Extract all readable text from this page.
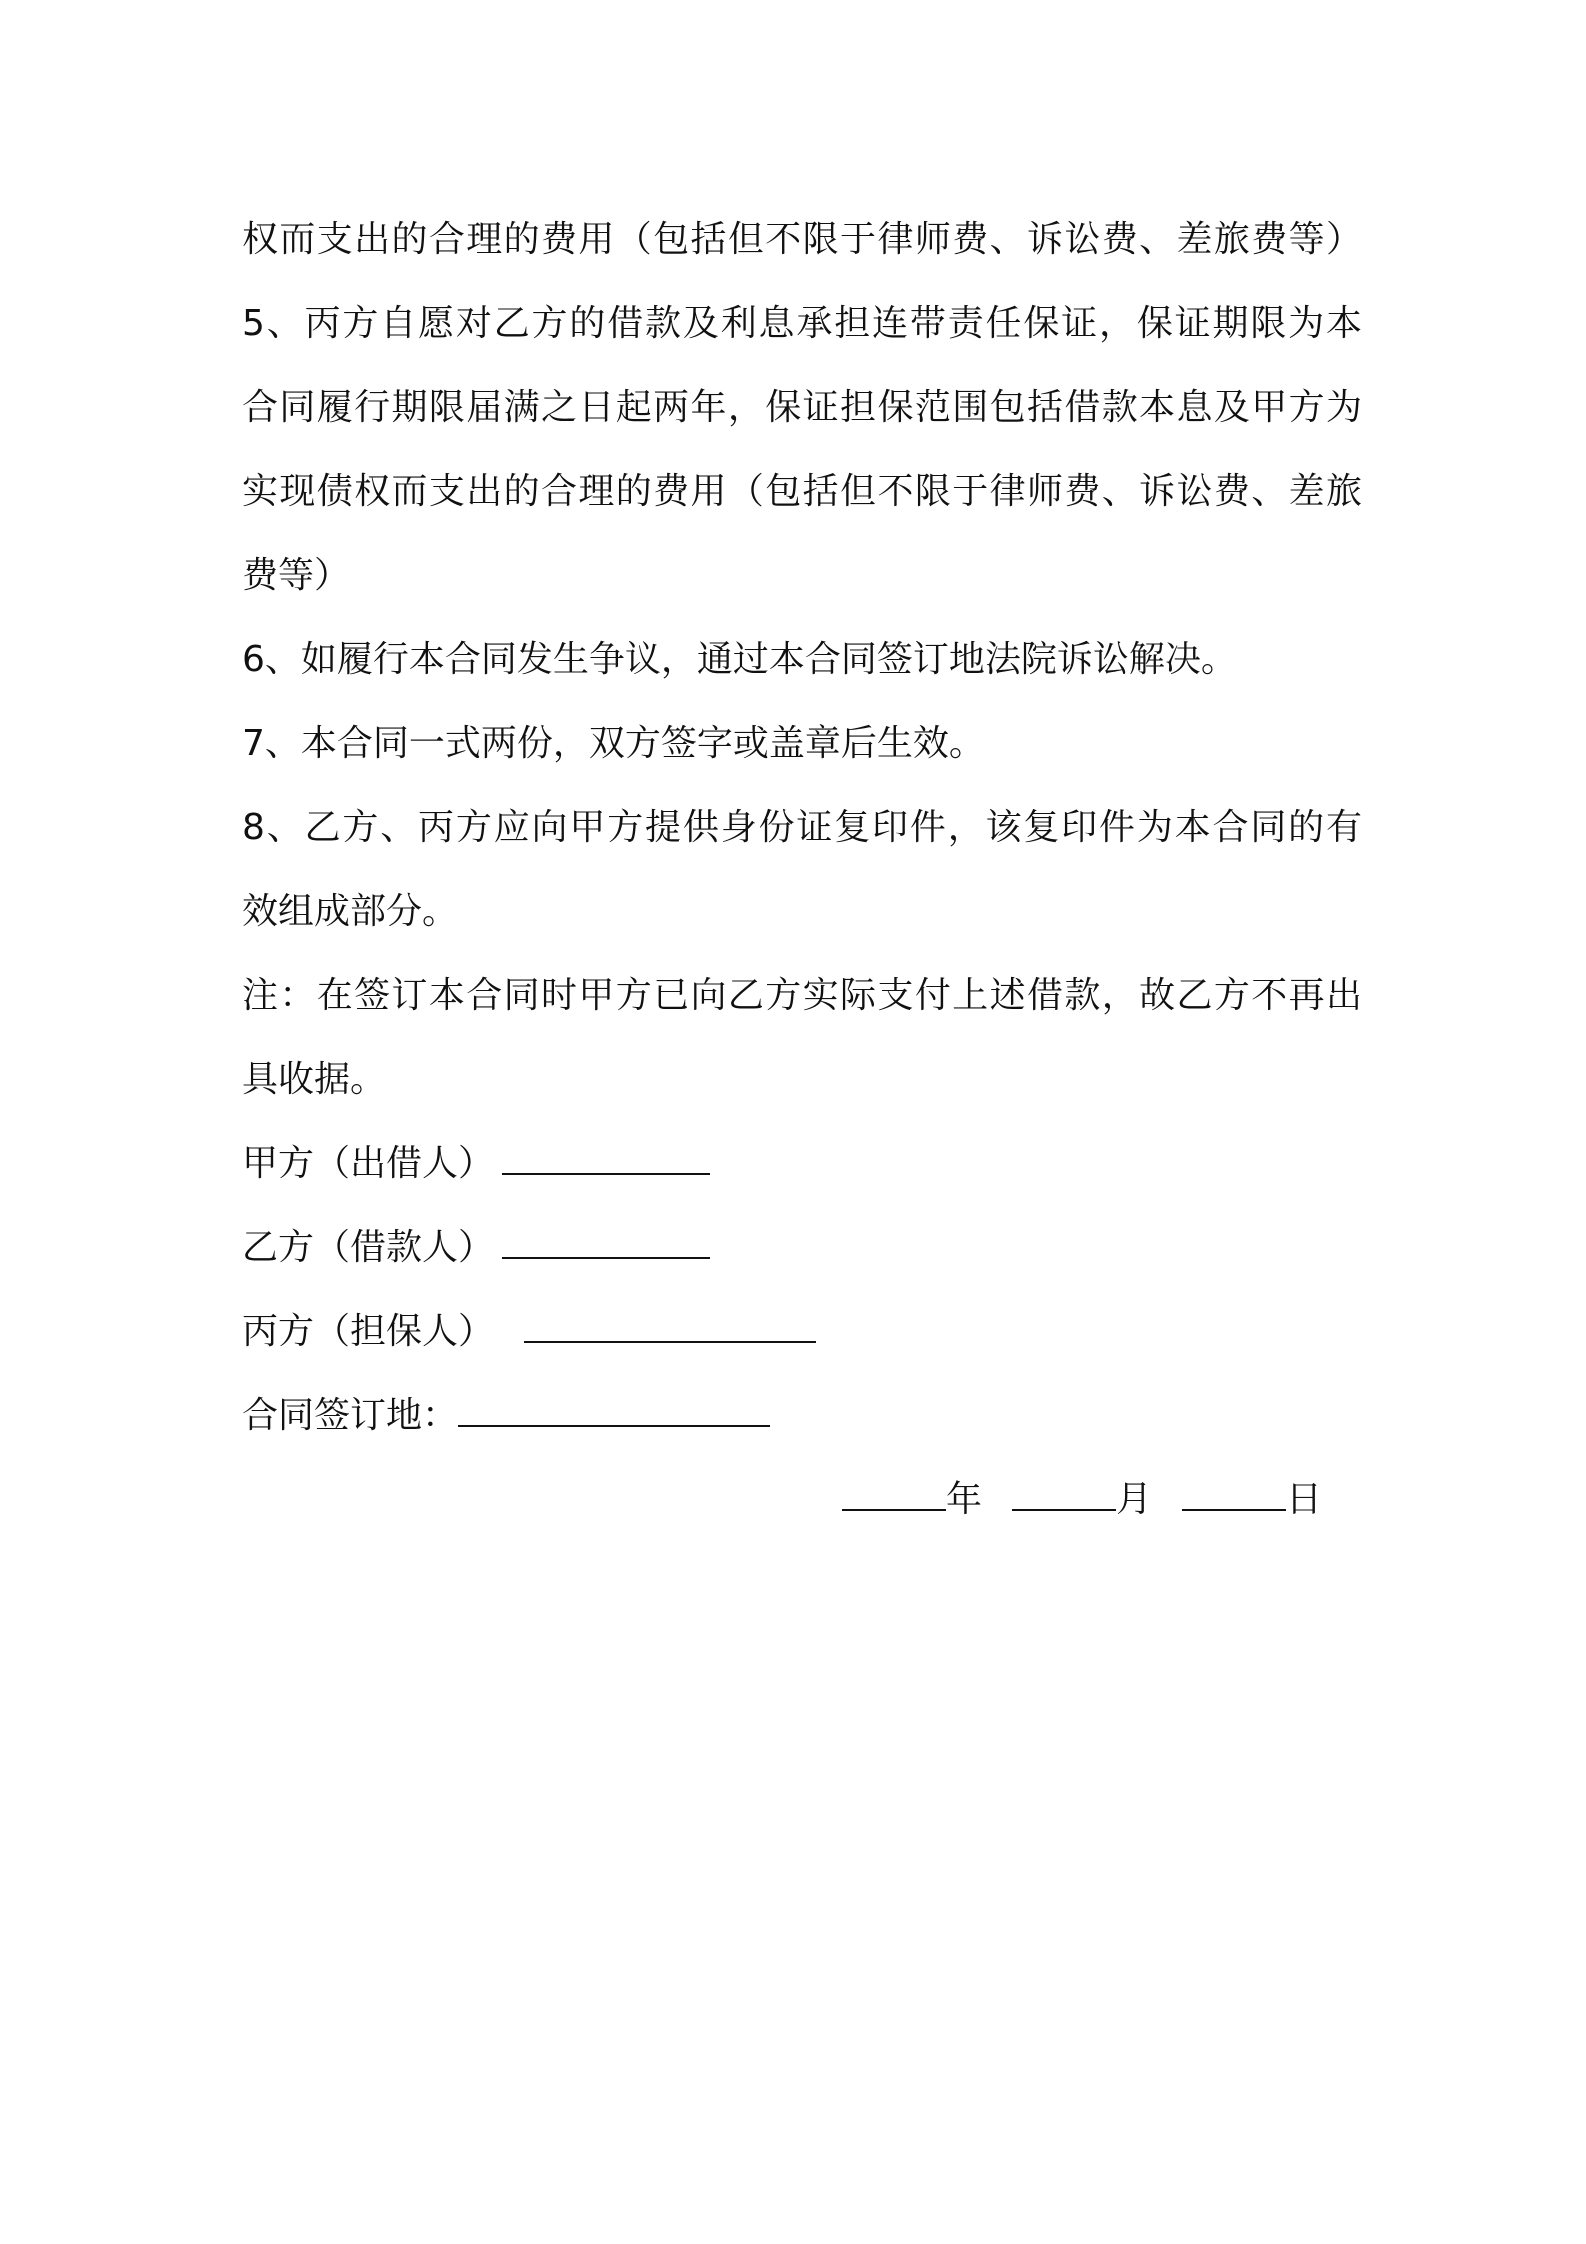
权而支出的合理的费用（包括但不限于律师费、诉讼费、差旅费等）
5、丙方自愿对乙方的借款及利息承担连带责任保证，保证期限为本
合同履行期限届满之日起两年，保证担保范围包括借款本息及甲方为
实现债权而支出的合理的费用（包括但不限于律师费、诉讼费、差旅
费等）
6、如履行本合同发生争议，通过本合同签订地法院诉讼解决。
7、本合同一式两份，双方签字或盖章后生效。
8、乙方、丙方应向甲方提供身份证复印件，该复印件为本合同的有
效组成部分。
注：在签订本合同时甲方已向乙方实际支付上述借款，故乙方不再出
具收据。
甲方（出借人）
乙方（借款人）
丙方（担保人）
合同签订地：
年	月	日
